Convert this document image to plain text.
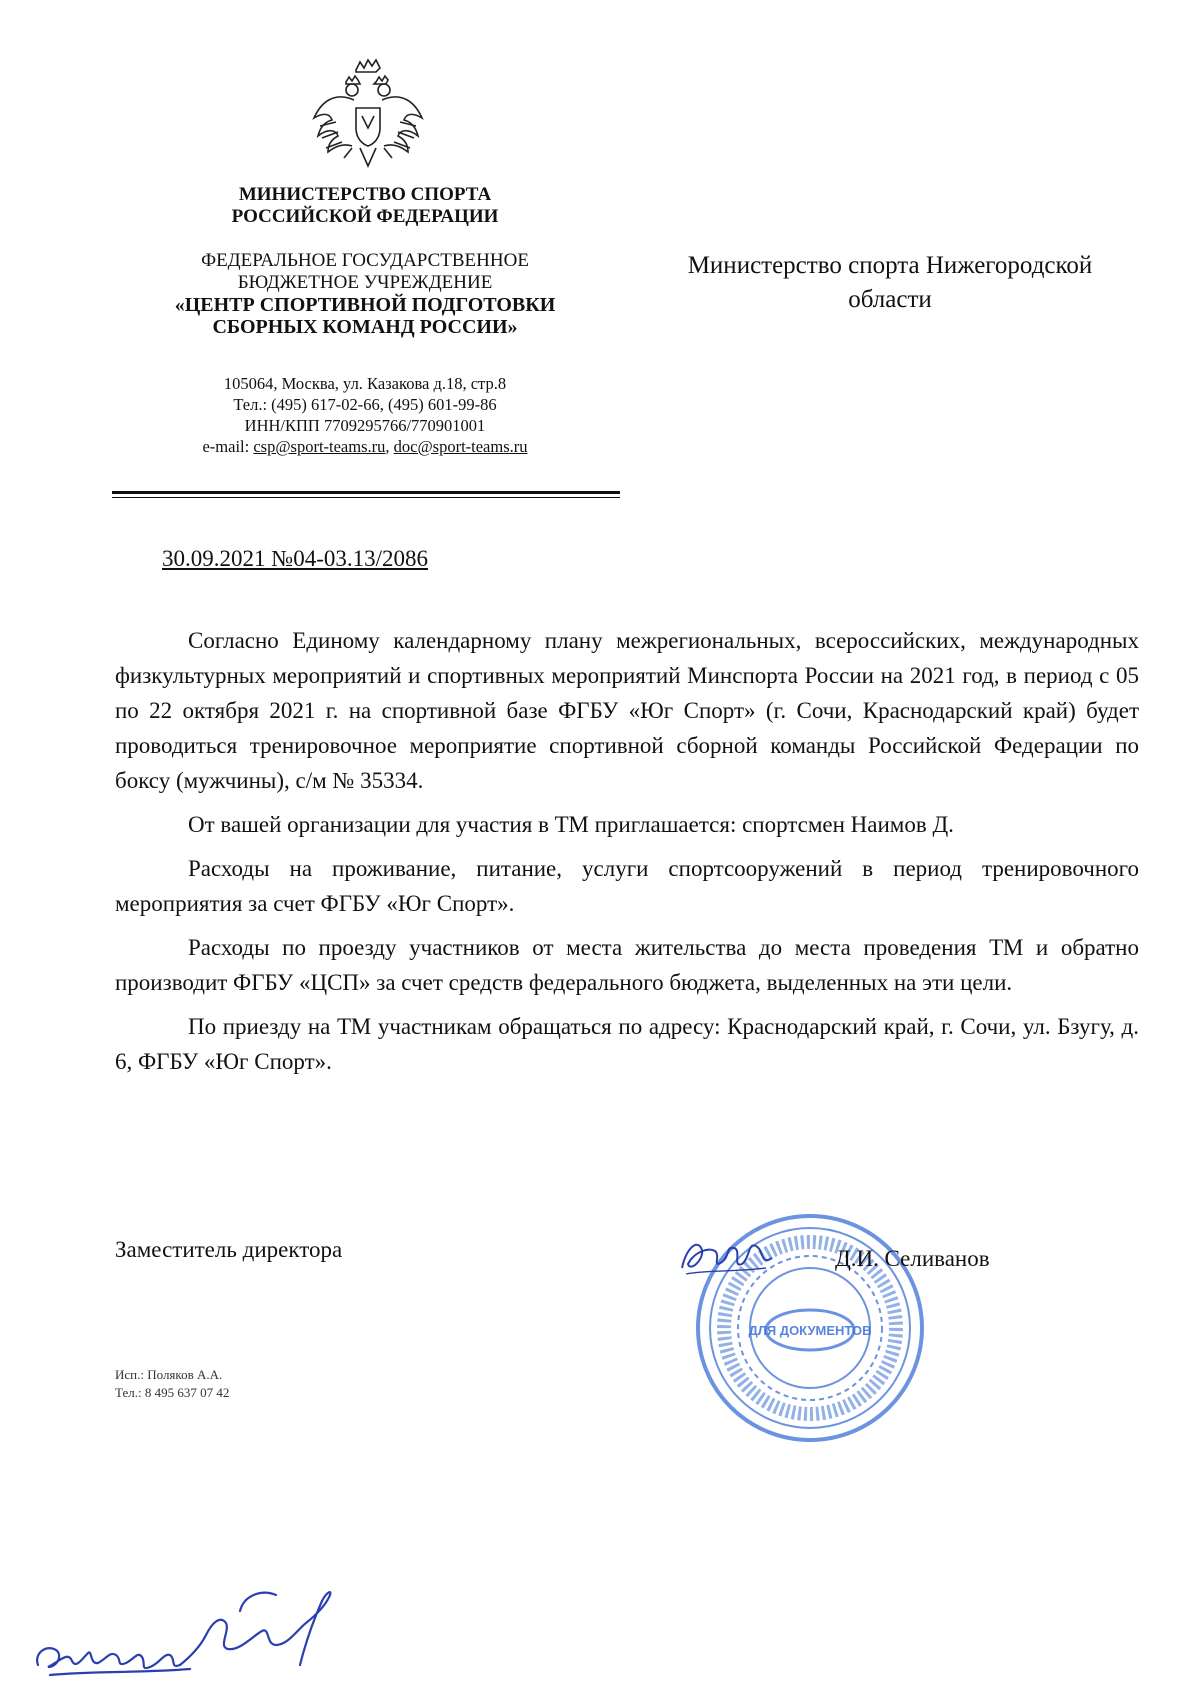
МИНИСТЕРСТВО СПОРТА
РОССИЙСКОЙ ФЕДЕРАЦИИ
ФЕДЕРАЛЬНОЕ ГОСУДАРСТВЕННОЕ
БЮДЖЕТНОЕ УЧРЕЖДЕНИЕ
«ЦЕНТР СПОРТИВНОЙ ПОДГОТОВКИ
СБОРНЫХ КОМАНД РОССИИ»
105064, Москва, ул. Казакова д.18, стр.8
Тел.: (495) 617-02-66, (495) 601-99-86
ИНН/КПП 7709295766/770901001
e-mail: csp@sport-teams.ru, doc@sport-teams.ru
Министерство спорта Нижегородской
области
30.09.2021 №04-03.13/2086

Согласно Единому календарному плану межрегиональных, всероссийских, международных физкультурных мероприятий и спортивных мероприятий Минспорта России на 2021 год, в период с 05 по 22 октября 2021 г. на спортивной базе ФГБУ «Юг Спорт» (г. Сочи, Краснодарский край) будет проводиться тренировочное мероприятие спортивной сборной команды Российской Федерации по боксу (мужчины), с/м № 35334.

От вашей организации для участия в ТМ приглашается: спортсмен Наимов Д.

Расходы на проживание, питание, услуги спортсооружений в период тренировочного мероприятия за счет ФГБУ «Юг Спорт».

Расходы по проезду участников от места жительства до места проведения ТМ и обратно производит ФГБУ «ЦСП» за счет средств федерального бюджета, выделенных на эти цели.

По приезду на ТМ участникам обращаться по адресу: Краснодарский край, г. Сочи, ул. Бзугу, д. 6, ФГБУ «Юг Спорт».

Заместитель директора
ДЛЯ ДОКУМЕНТОВ
Д.И. Селиванов
Исп.: Поляков А.А.
Тел.: 8 495 637 07 42
